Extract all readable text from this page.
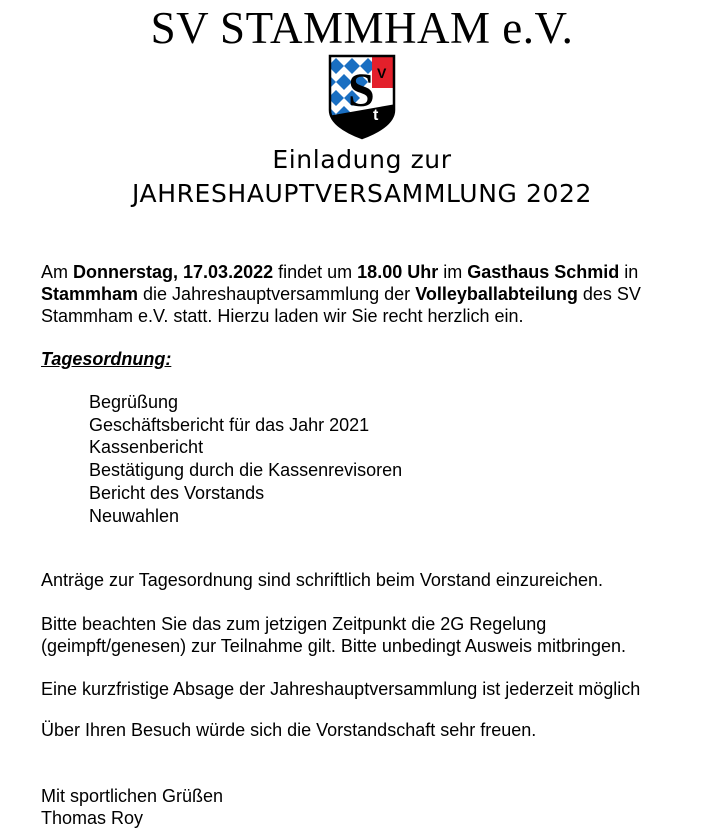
SV STAMMHAM e.V.
S V
t
Einladung zur
JAHRESHAUPTVERSAMMLUNG 2022

Am Donnerstag, 17.03.2022 findet um 18.00 Uhr im Gasthaus Schmid in Stammham die Jahreshauptversammlung der Volleyballabteilung des SV Stammham e.V. statt. Hierzu laden wir Sie recht herzlich ein.

Tagesordnung:

Begrüßung
Geschäftsbericht für das Jahr 2021
Kassenbericht
Bestätigung durch die Kassenrevisoren
Bericht des Vorstands
Neuwahlen

Anträge zur Tagesordnung sind schriftlich beim Vorstand einzureichen.

Bitte beachten Sie das zum jetzigen Zeitpunkt die 2G Regelung (geimpft/genesen) zur Teilnahme gilt. Bitte unbedingt Ausweis mitbringen.

Eine kurzfristige Absage der Jahreshauptversammlung ist jederzeit möglich

Über Ihren Besuch würde sich die Vorstandschaft sehr freuen.

Mit sportlichen Grüßen
Thomas Roy
